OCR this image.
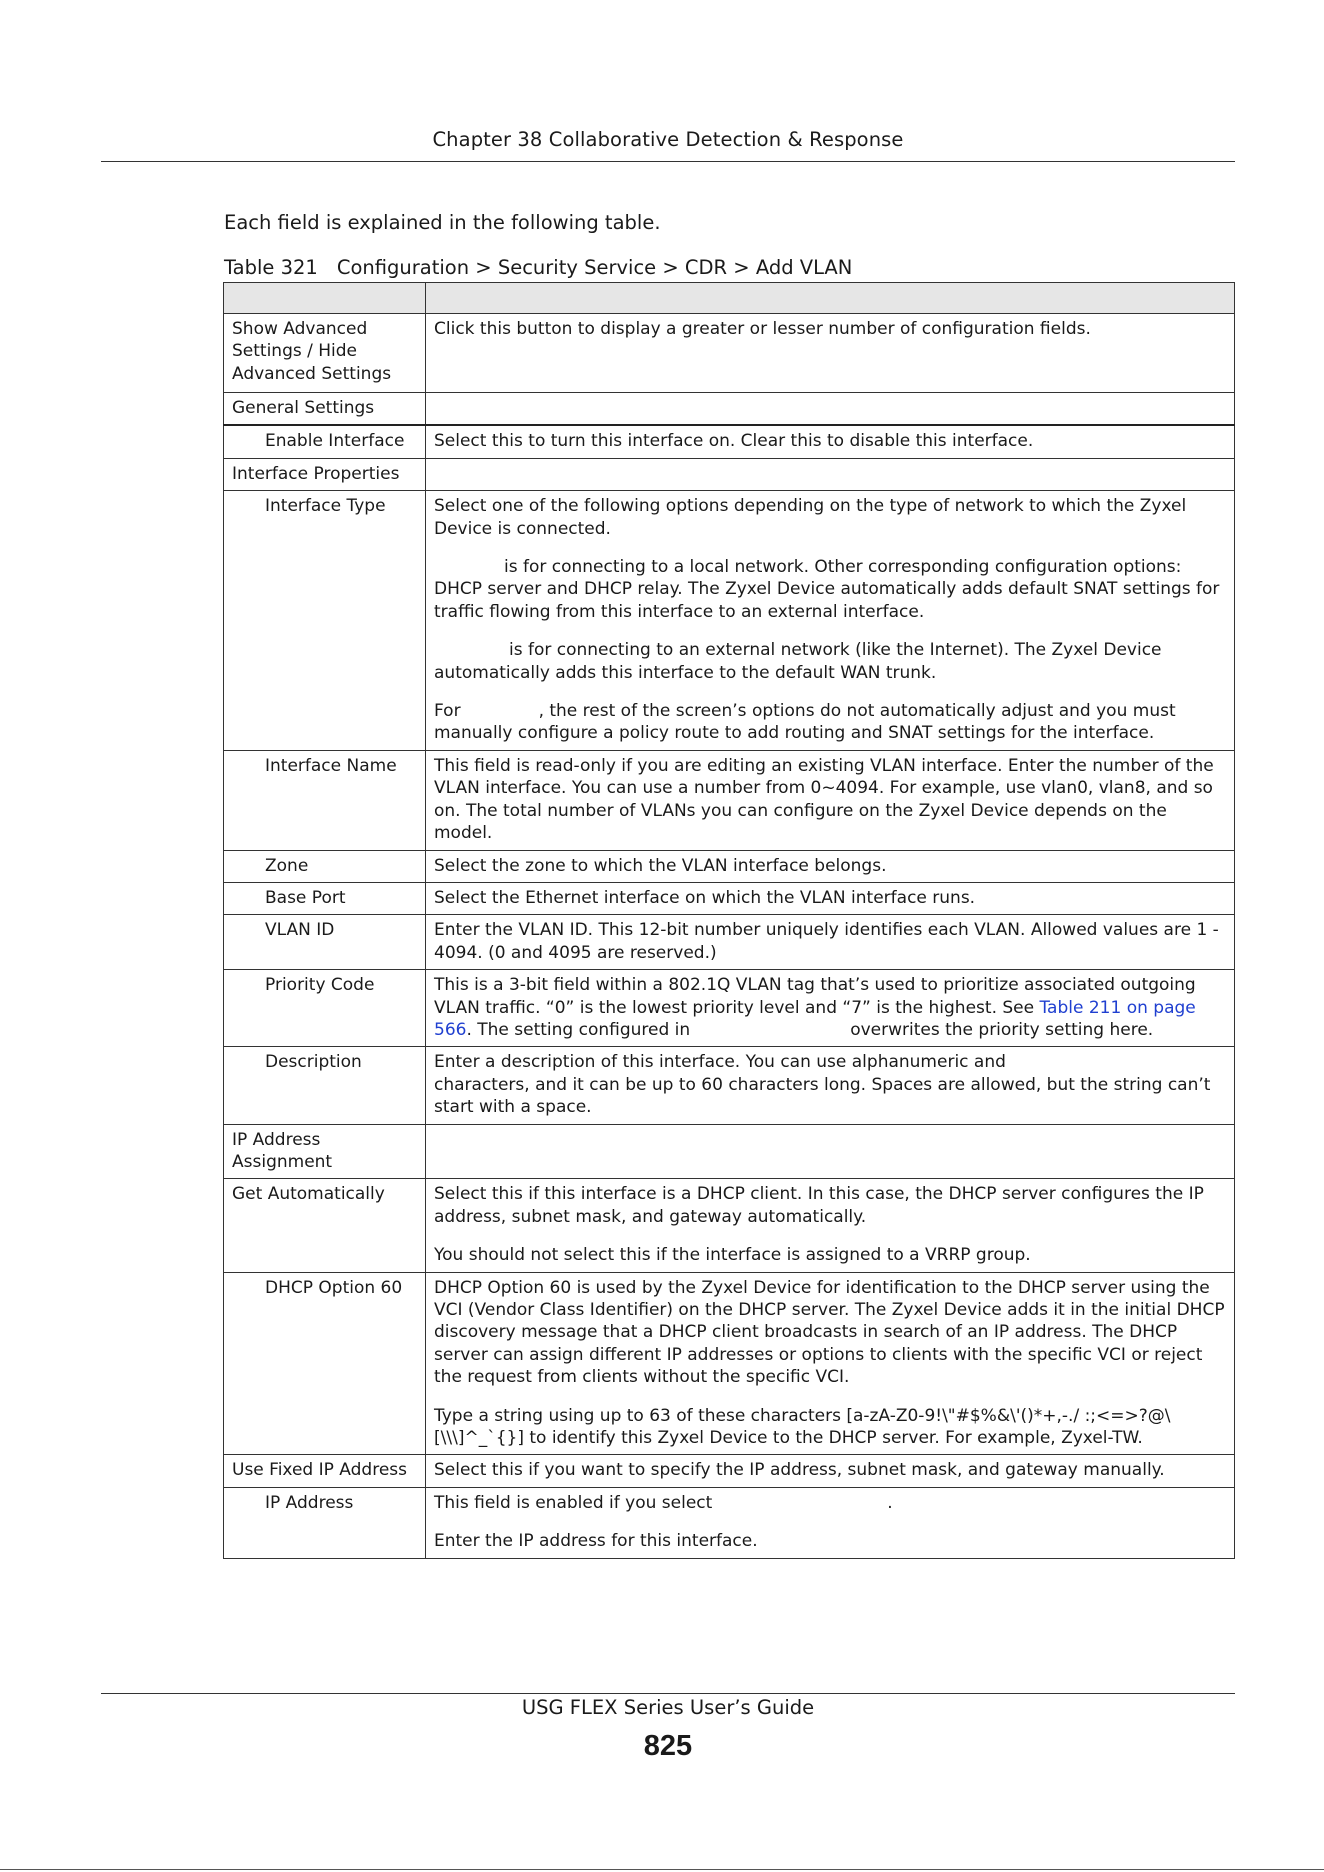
Chapter 38 Collaborative Detection & Response
Each field is explained in the following table.
Table 321 Configuration > Security Service > CDR > Add VLAN

Show Advanced Settings / Hide Advanced Settings	Click this button to display a greater or lesser number of configuration fields.
General Settings	
Enable Interface	Select this to turn this interface on. Clear this to disable this interface.
Interface Properties	
Interface Type	Select one of the following options depending on the type of network to which the Zyxel Device is connected.

is for connecting to a local network. Other corresponding configuration options: DHCP server and DHCP relay. The Zyxel Device automatically adds default SNAT settings for traffic flowing from this interface to an external interface.

is for connecting to an external network (like the Internet). The Zyxel Device automatically adds this interface to the default WAN trunk.

For , the rest of the screen’s options do not automatically adjust and you must manually configure a policy route to add routing and SNAT settings for the interface.

Interface Name	This field is read-only if you are editing an existing VLAN interface. Enter the number of the VLAN interface. You can use a number from 0~4094. For example, use vlan0, vlan8, and so on. The total number of VLANs you can configure on the Zyxel Device depends on the model.
Zone	Select the zone to which the VLAN interface belongs.
Base Port	Select the Ethernet interface on which the VLAN interface runs.
VLAN ID	Enter the VLAN ID. This 12-bit number uniquely identifies each VLAN. Allowed values are 1 - 4094. (0 and 4095 are reserved.)
Priority Code	This is a 3-bit field within a 802.1Q VLAN tag that’s used to prioritize associated outgoing VLAN traffic. “0” is the lowest priority level and “7” is the highest. See Table 211 on page 566. The setting configured in overwrites the priority setting here.
Description	Enter a description of this interface. You can use alphanumeric and
characters, and it can be up to 60 characters long. Spaces are allowed, but the string can’t start with a space.
IP Address Assignment	
Get Automatically	Select this if this interface is a DHCP client. In this case, the DHCP server configures the IP address, subnet mask, and gateway automatically.

You should not select this if the interface is assigned to a VRRP group.

DHCP Option 60	DHCP Option 60 is used by the Zyxel Device for identification to the DHCP server using the VCI (Vendor Class Identifier) on the DHCP server. The Zyxel Device adds it in the initial DHCP discovery message that a DHCP client broadcasts in search of an IP address. The DHCP server can assign different IP addresses or options to clients with the specific VCI or reject the request from clients without the specific VCI.

Type a string using up to 63 of these characters [a-zA-Z0-9!\"#$%&\'()*+,-./ :;<=>?@\[\\\]^_`{}] to identify this Zyxel Device to the DHCP server. For example, Zyxel-TW.

Use Fixed IP Address	Select this if you want to specify the IP address, subnet mask, and gateway manually.
IP Address	This field is enabled if you select .

Enter the IP address for this interface.

USG FLEX Series User’s Guide
825
